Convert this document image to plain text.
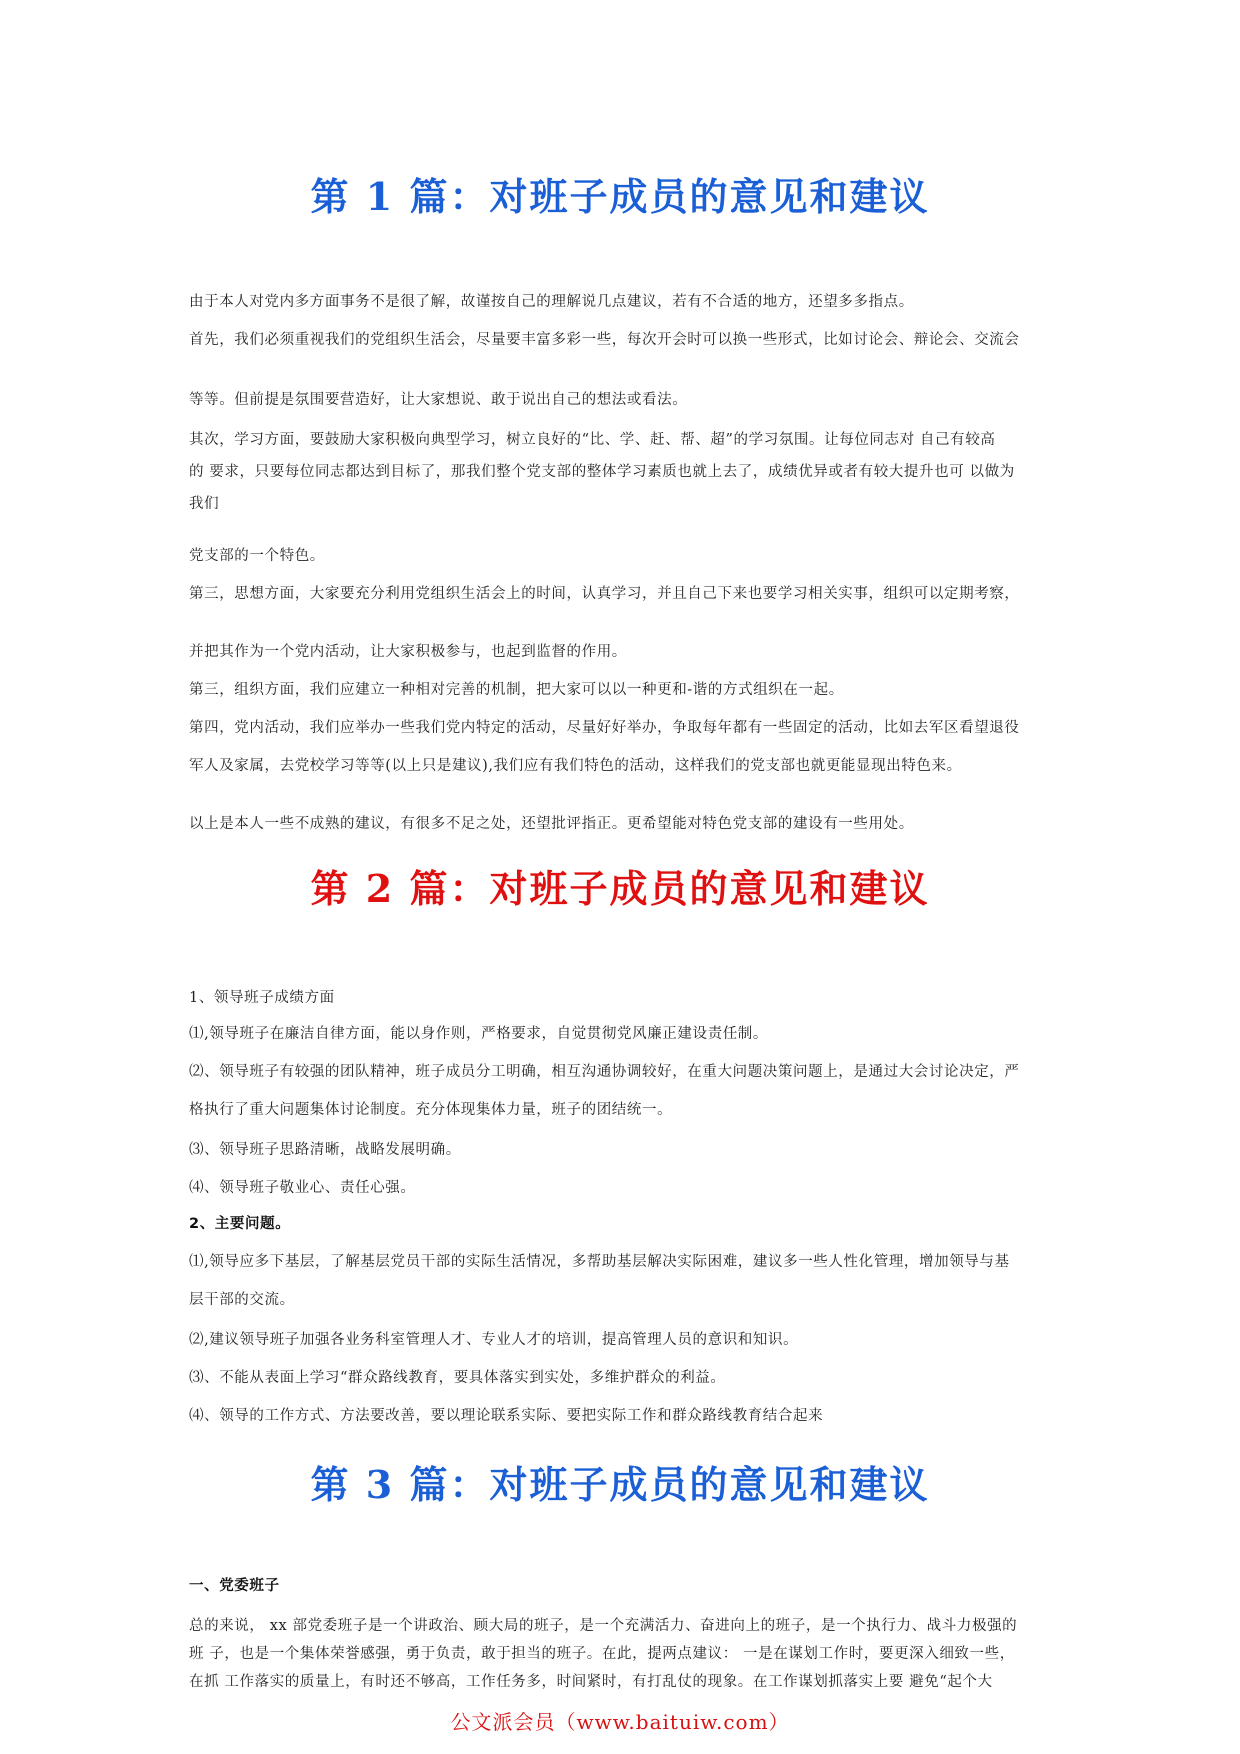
第 1 篇：对班子成员的意见和建议

由于本人对党内多方面事务不是很了解，故谨按自己的理解说几点建议，若有不合适的地方，还望多多指点。

首先，我们必须重视我们的党组织生活会，尽量要丰富多彩一些，每次开会时可以换一些形式，比如讨论会、辩论会、交流会

等等。但前提是氛围要营造好，让大家想说、敢于说出自己的想法或看法。

其次，学习方面，要鼓励大家积极向典型学习，树立良好的“比、学、赶、帮、超”的学习氛围。让每位同志对 自己有较高

的 要求，只要每位同志都达到目标了，那我们整个党支部的整体学习素质也就上去了，成绩优异或者有较大提升也可 以做为

我们

党支部的一个特色。

第三，思想方面，大家要充分利用党组织生活会上的时间，认真学习，并且自己下来也要学习相关实事，组织可以定期考察，

并把其作为一个党内活动，让大家积极参与，也起到监督的作用。

第三，组织方面，我们应建立一种相对完善的机制，把大家可以以一种更和-谐的方式组织在一起。

第四，党内活动，我们应举办一些我们党内特定的活动，尽量好好举办，争取每年都有一些固定的活动，比如去军区看望退役

军人及家属，去党校学习等等(以上只是建议),我们应有我们特色的活动，这样我们的党支部也就更能显现出特色来。

以上是本人一些不成熟的建议，有很多不足之处，还望批评指正。更希望能对特色党支部的建设有一些用处。

第 2 篇：对班子成员的意见和建议

1、领导班子成绩方面

⑴,领导班子在廉洁自律方面，能以身作则，严格要求，自觉贯彻党风廉正建设责任制。

⑵、领导班子有较强的团队精神，班子成员分工明确，相互沟通协调较好，在重大问题决策问题上，是通过大会讨论决定，严

格执行了重大问题集体讨论制度。充分体现集体力量，班子的团结统一。

⑶、领导班子思路清晰，战略发展明确。

⑷、领导班子敬业心、责任心强。

2、主要问题。

⑴,领导应多下基层，了解基层党员干部的实际生活情况，多帮助基层解决实际困难，建议多一些人性化管理，增加领导与基

层干部的交流。

⑵,建议领导班子加强各业务科室管理人才、专业人才的培训，提高管理人员的意识和知识。

⑶、不能从表面上学习“群众路线教育，要具体落实到实处，多维护群众的利益。

⑷、领导的工作方式、方法要改善，要以理论联系实际、要把实际工作和群众路线教育结合起来

第 3 篇：对班子成员的意见和建议

一、党委班子

总的来说， xx 部党委班子是一个讲政治、顾大局的班子，是一个充满活力、奋进向上的班子，是一个执行力、战斗力极强的

班 子，也是一个集体荣誉感强，勇于负责，敢于担当的班子。在此，提两点建议： 一是在谋划工作时，要更深入细致一些，

在抓 工作落实的质量上，有时还不够高，工作任务多，时间紧时，有打乱仗的现象。在工作谋划抓落实上要 避免“起个大

公文派会员（www.baituiw.com）
